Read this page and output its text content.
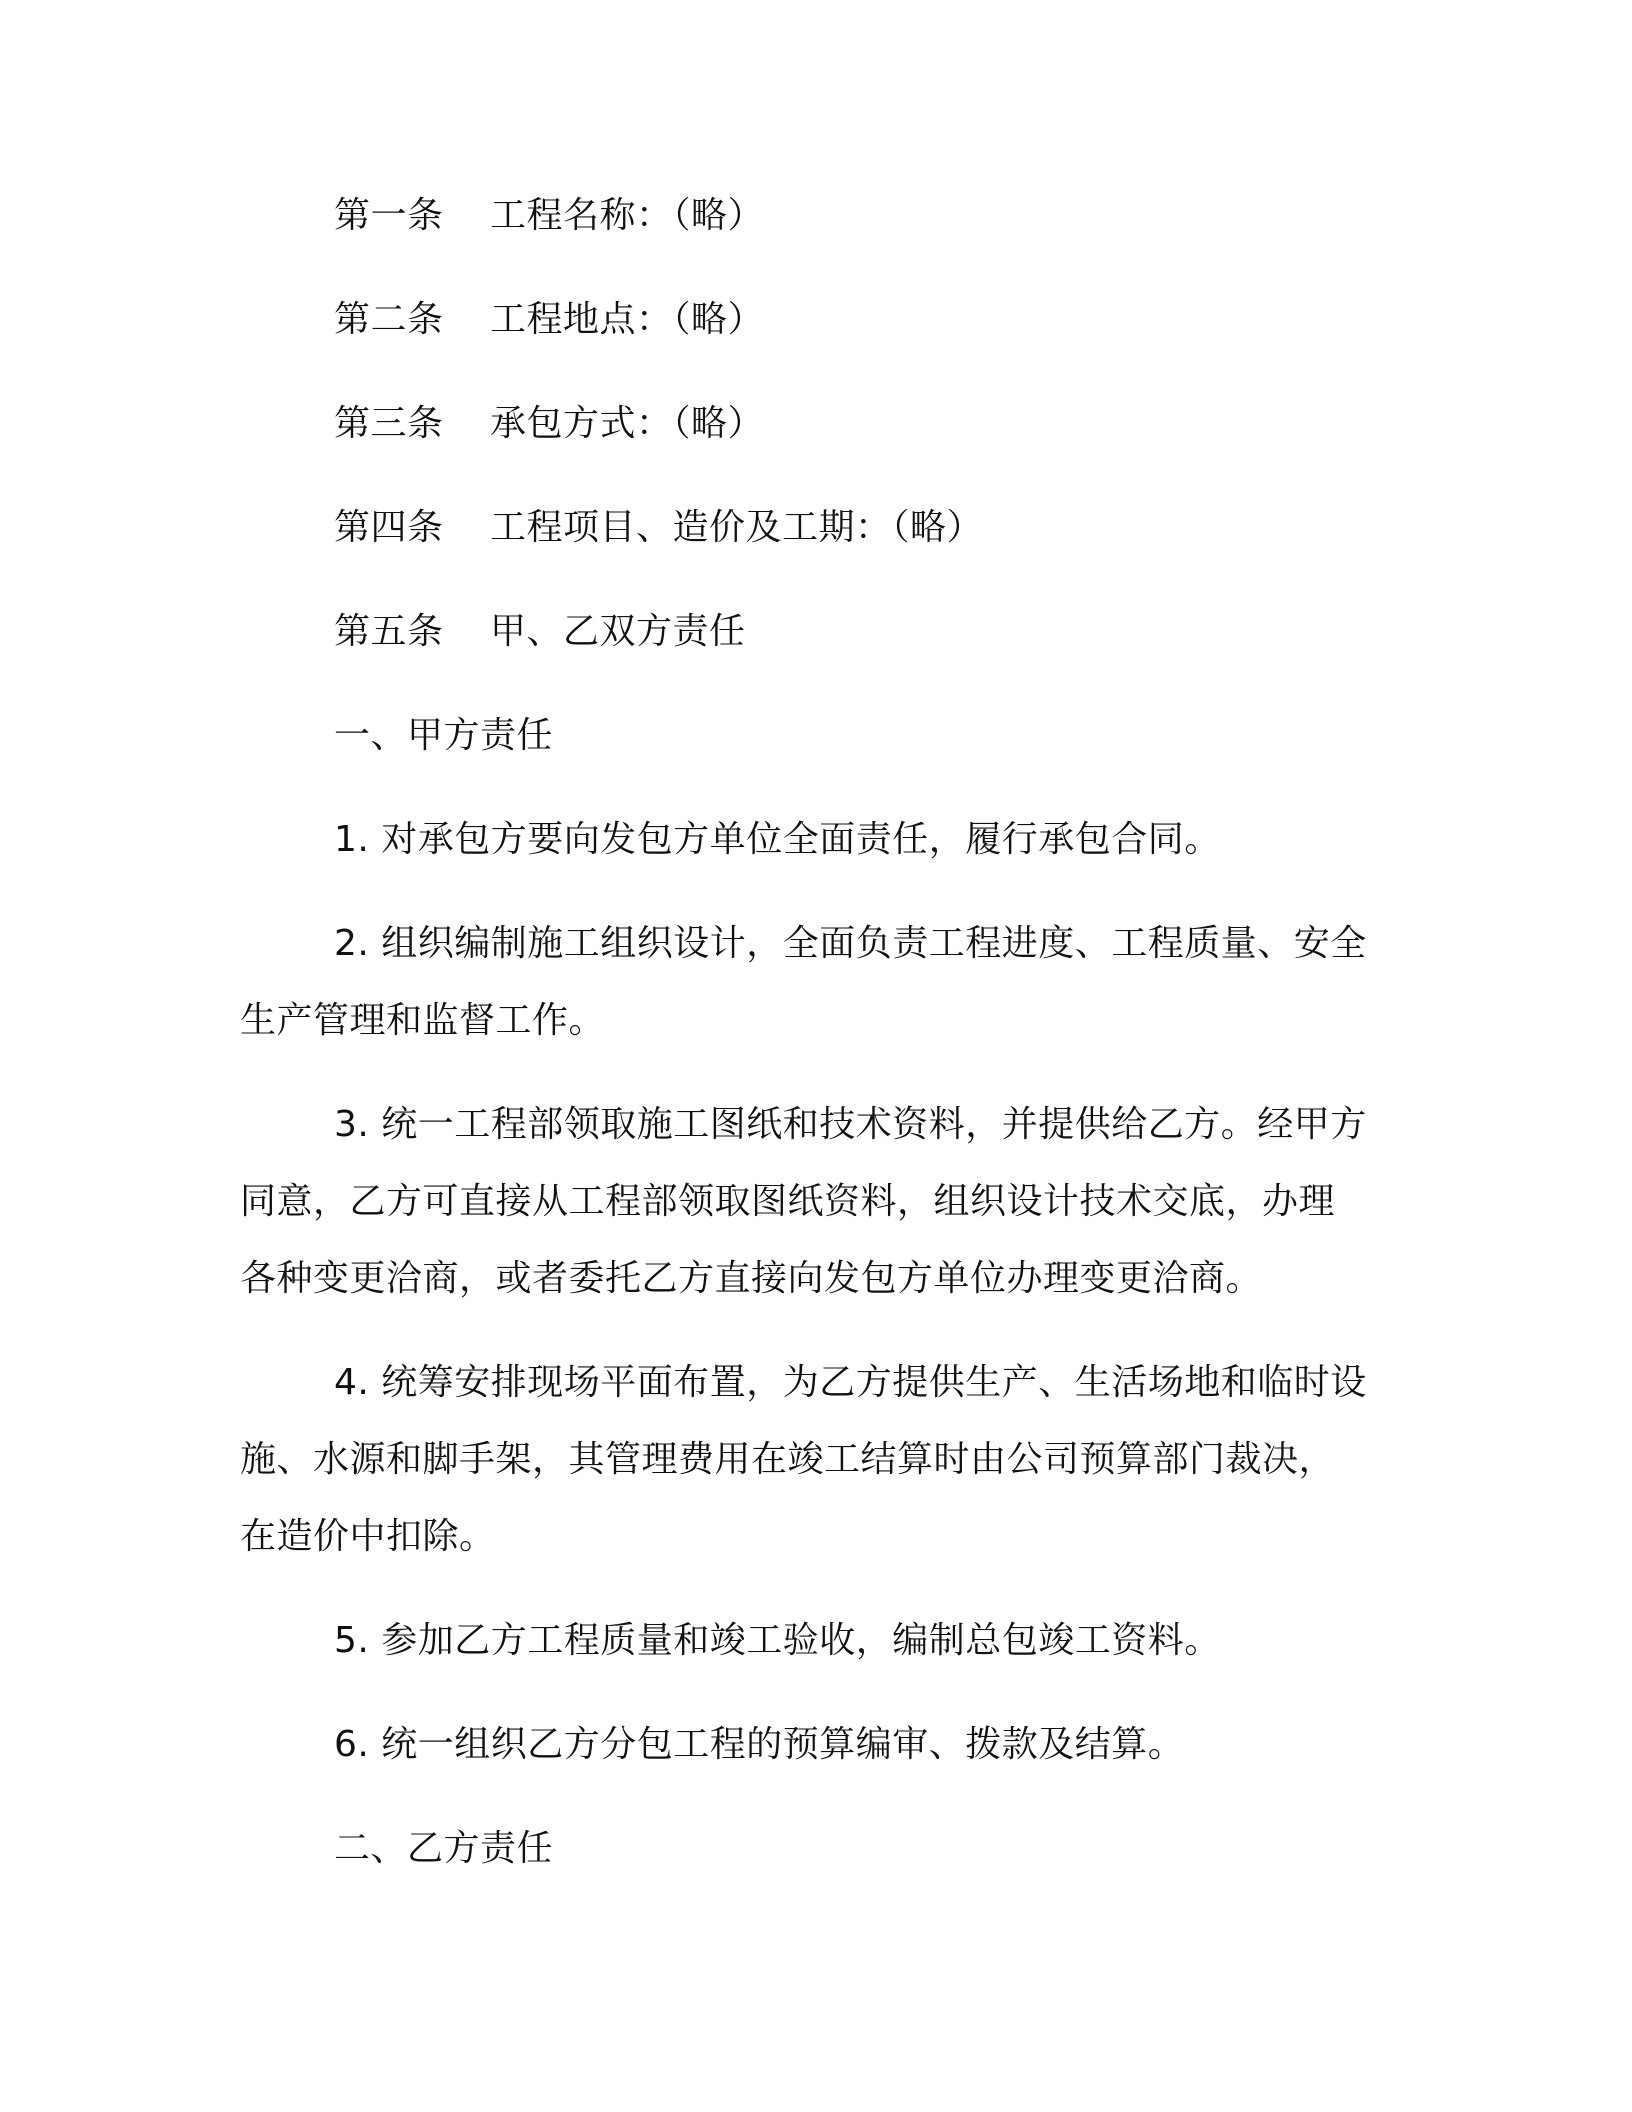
第一条 工程名称：（略）
第二条 工程地点：（略）
第三条 承包方式：（略）
第四条 工程项目、造价及工期：（略）
第五条 甲、乙双方责任
一、甲方责任
1. 对承包方要向发包方单位全面责任，履行承包合同。
2. 组织编制施工组织设计，全面负责工程进度、工程质量、安全
生产管理和监督工作。
3. 统一工程部领取施工图纸和技术资料，并提供给乙方。经甲方
同意，乙方可直接从工程部领取图纸资料，组织设计技术交底，办理
各种变更洽商，或者委托乙方直接向发包方单位办理变更洽商。
4. 统筹安排现场平面布置，为乙方提供生产、生活场地和临时设
施、水源和脚手架，其管理费用在竣工结算时由公司预算部门裁决，
在造价中扣除。
5. 参加乙方工程质量和竣工验收，编制总包竣工资料。
6. 统一组织乙方分包工程的预算编审、拨款及结算。
二、乙方责任
